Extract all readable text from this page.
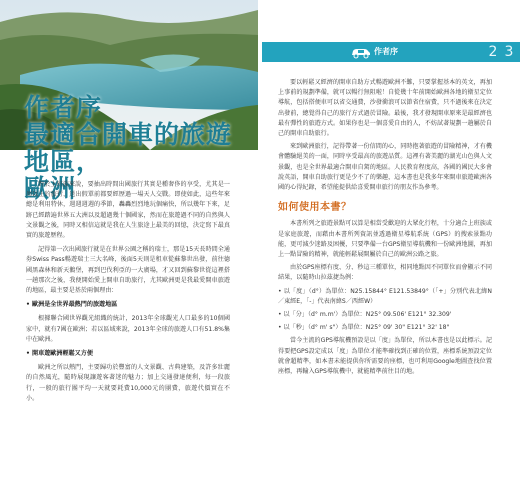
作者序
最適合開車的旅遊地區，
歐洲

對於上班族來說，要抽出時間出國旅行其實是種奢侈的享受，尤其是一周以上的旅行，送出假單前都要經歷過一場天人交戰。即使如此，這些年來總是利用特休，週週週週的季節，轟轟烈烈地玩個痛快，所以幾年下來，足跡已經踏遍世界五大洲以及超過幾十個國家，然而在旅遊過不同的自然與人文景觀之後，同時又相信這就是我在人生旅途上最美的回憶，決定寫下最真實的旅遊歷程。

記得第一次出國旅行就是在世界公園之稱的瑞士，那是15天長時間全通券Swiss Pass暢遊瑞士三大名峰，後面5天則是租車從蘇黎世出發，前往德國黑森林和新天鵝堡，再到巴伐利亞的一大廣場，才又回到蘇黎世從這裡搭一趟那次之後，我便開始愛上開車自助旅行，尤其歐洲更是我最愛開車旅遊的地區，最主要是基於兩個理由：

• 歐洲是全世界最熱門的旅遊地區

根據聯合國世界觀光組織的統計，2013年全球觀光人口最多的10個國家中，就有7國在歐洲；若以區域來說，2013年全球的旅遊人口有51.8%集中在歐洲。

• 開車遊歐洲輕鬆又方便

歐洲之所以熱門，主要歸功於豐富的人文景觀、古典建築，及許多壯麗的自然風光，隨時展現讓遊客著迷的魅力；加上交通發達便利，每一段旅行，一般的旅行團平均一天就要耗費10,000元的團費，旅遊代價實在不小。

作者序	2 3

要以輕鬆又經濟的開車自助方式暢遊歐洲不難，只要掌握基本的英文，再加上事前的規劃準備，就可以暢行無阻啦！自從幾十年前開始歐洲各地的衛星定位導航，包括搭便車可以省交通費，沙發衝浪可以節省住宿費，只不過後來在決定出發前，總覺得自己的旅行方式過於冒險。最後，我才發現開車原來是最經濟也最有彈性的旅遊方式。如果你也是一個喜愛自由的人，不妨試著規劃一趟屬於自己的開車自助旅行。

來到歐洲旅行，記得帶著一份信間的心，同時抱著旅遊的冒險精神，才有機會體驗絕美的一面，同時享受最高的旅遊品質。這裡有著美麗的湖光山色與人文景觀，也是全世界最適合開車自駕的地區。人民教育程度高，各國的國民大多會說英語，開車自助旅行更是少不了的樂趣，這本書也是我多年來開車旅遊歐洲各國的心得紀錄，希望能提供給喜愛開車旅行的朋友作為參考。

如何使用本書？

本書所列之旅遊景點可以算是相當受歡迎的大眾化行程，十分適合上班族或是家庭旅遊，而藉由本書所列資訊並透過衛星導航系統（GPS）的搜索景點功能，更可減少迷路及困擾，只要準備一台GPS衛星導航機和一份歐洲地圖，再加上一點冒險的精神，就能輕鬆展開屬於自己的歐洲公路之旅。

由於GPS座標有度、分、秒這三種單位，相同地點因不同單位而會顯示不同結果，以隨時山拉茲捷為例：

• 以「度」（d°）為單位：N25.15844° E121.53849°（「+」分別代表北緯N／東經E，「-」代表南緯S／西經W）

• 以「分」（d° m.m'）為單位：N25° 09.506' E121° 32.309'

• 以「秒」（d° m' s"）為單位：N25° 09' 30" E121° 32' 18"

當今主流的GPS導航機預設是以「度」為單位，所以本書也是以此標示。記得要把GPS設定成以「度」為單位才能準確找到正確的位置，座標系統預設定位就會超精準，如本書未能提供你所需要的座標，也可利用Google地圖查找位置座標，再輸入GPS導航機中，就能精準前往目的地。
